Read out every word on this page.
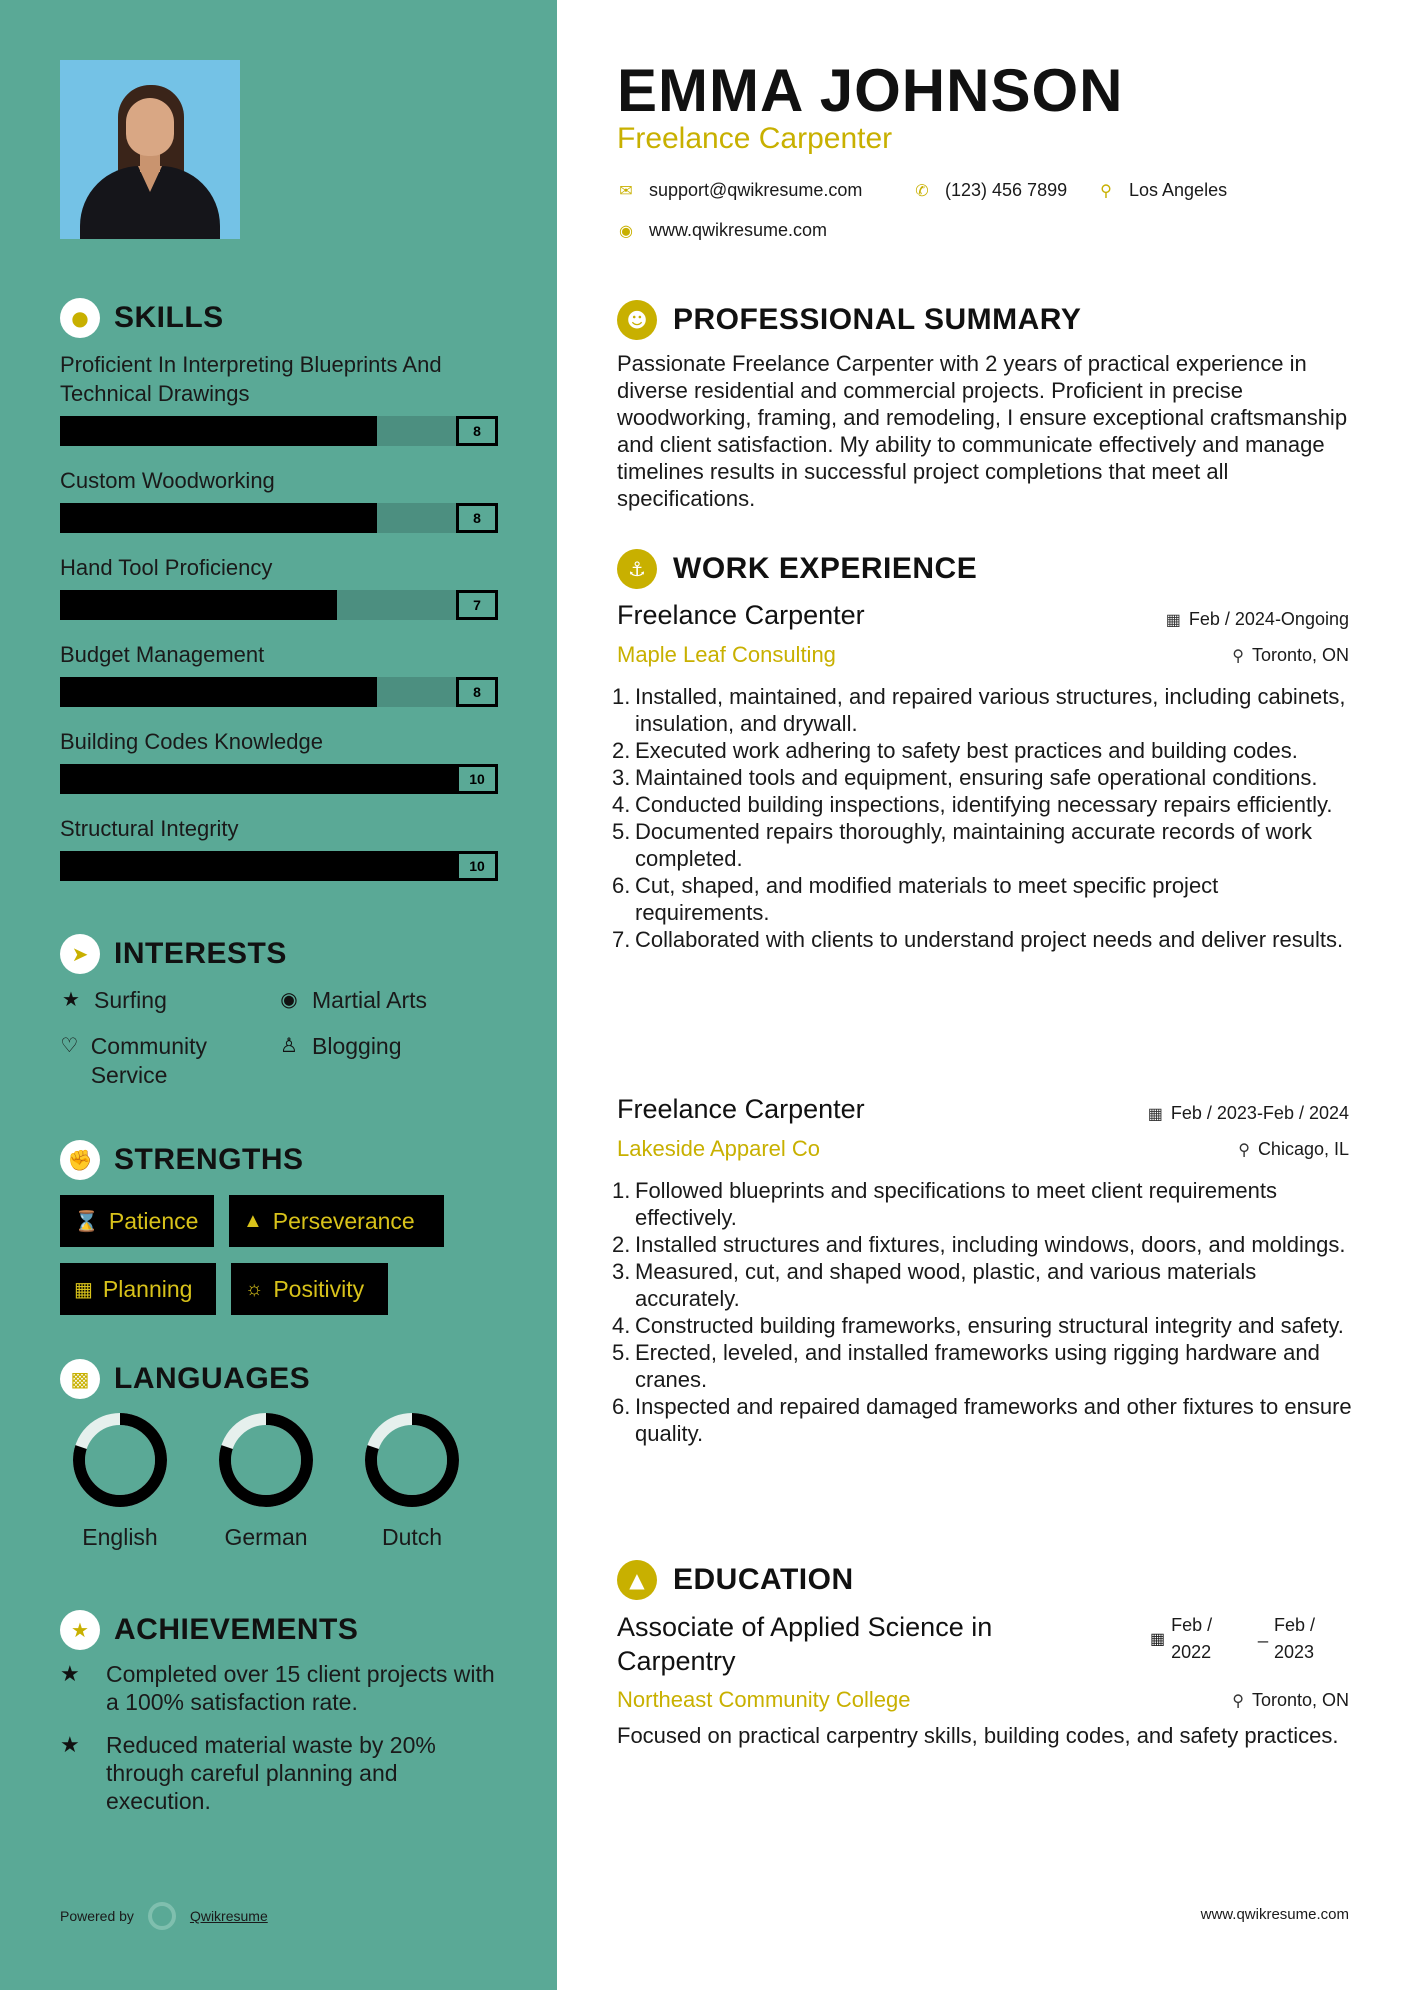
● SKILLS
Proficient In Interpreting Blueprints And Technical Drawings
8
Custom Woodworking
8
Hand Tool Proficiency
7
Budget Management
8
Building Codes Knowledge
10
Structural Integrity
10
➤ INTERESTS
★ Surfing	◉ Martial Arts
♡ Community Service
♙ Blogging
✊ STRENGTHS
⌛ Patience ▲ Perseverance
▦ Planning	☼ Positivity
▩ LANGUAGES
English	German	Dutch
★ ACHIEVEMENTS
★	Completed over 15 client projects with a 100% satisfaction rate.
★	Reduced material waste by 20% through careful planning and execution.
Powered by	Qwikresume
EMMA JOHNSON
Freelance Carpenter
✉ support@qwikresume.com	✆ (123) 456 7899 ⚲ Los Angeles
◉ www.qwikresume.com
☻ PROFESSIONAL SUMMARY
Passionate Freelance Carpenter with 2 years of practical experience in diverse residential and commercial projects. Proficient in precise woodworking, framing, and remodeling, I ensure exceptional craftsmanship and client satisfaction. My ability to communicate effectively and manage timelines results in successful project completions that meet all specifications.
⚓ WORK EXPERIENCE
Freelance Carpenter	▦ Feb / 2024-Ongoing
Maple Leaf Consulting	⚲ Toronto, ON
1. Installed, maintained, and repaired various structures, including cabinets, insulation, and drywall.
2. Executed work adhering to safety best practices and building codes.
3. Maintained tools and equipment, ensuring safe operational conditions.
4. Conducted building inspections, identifying necessary repairs efficiently.
5. Documented repairs thoroughly, maintaining accurate records of work completed.
6. Cut, shaped, and modified materials to meet specific project requirements.
7. Collaborated with clients to understand project needs and deliver results.
Freelance Carpenter	▦ Feb / 2023-Feb / 2024
Lakeside Apparel Co	⚲ Chicago, IL
1. Followed blueprints and specifications to meet client requirements effectively.
2. Installed structures and fixtures, including windows, doors, and moldings.
3. Measured, cut, and shaped wood, plastic, and various materials accurately.
4. Constructed building frameworks, ensuring structural integrity and safety.
5. Erected, leveled, and installed frameworks using rigging hardware and cranes.
6. Inspected and repaired damaged frameworks and other fixtures to ensure quality.
▲ EDUCATION
Associate of Applied Science in Carpentry
▦
Feb / 2022
_ Feb / 2023
Northeast Community College	⚲ Toronto, ON
Focused on practical carpentry skills, building codes, and safety practices.
www.qwikresume.com
